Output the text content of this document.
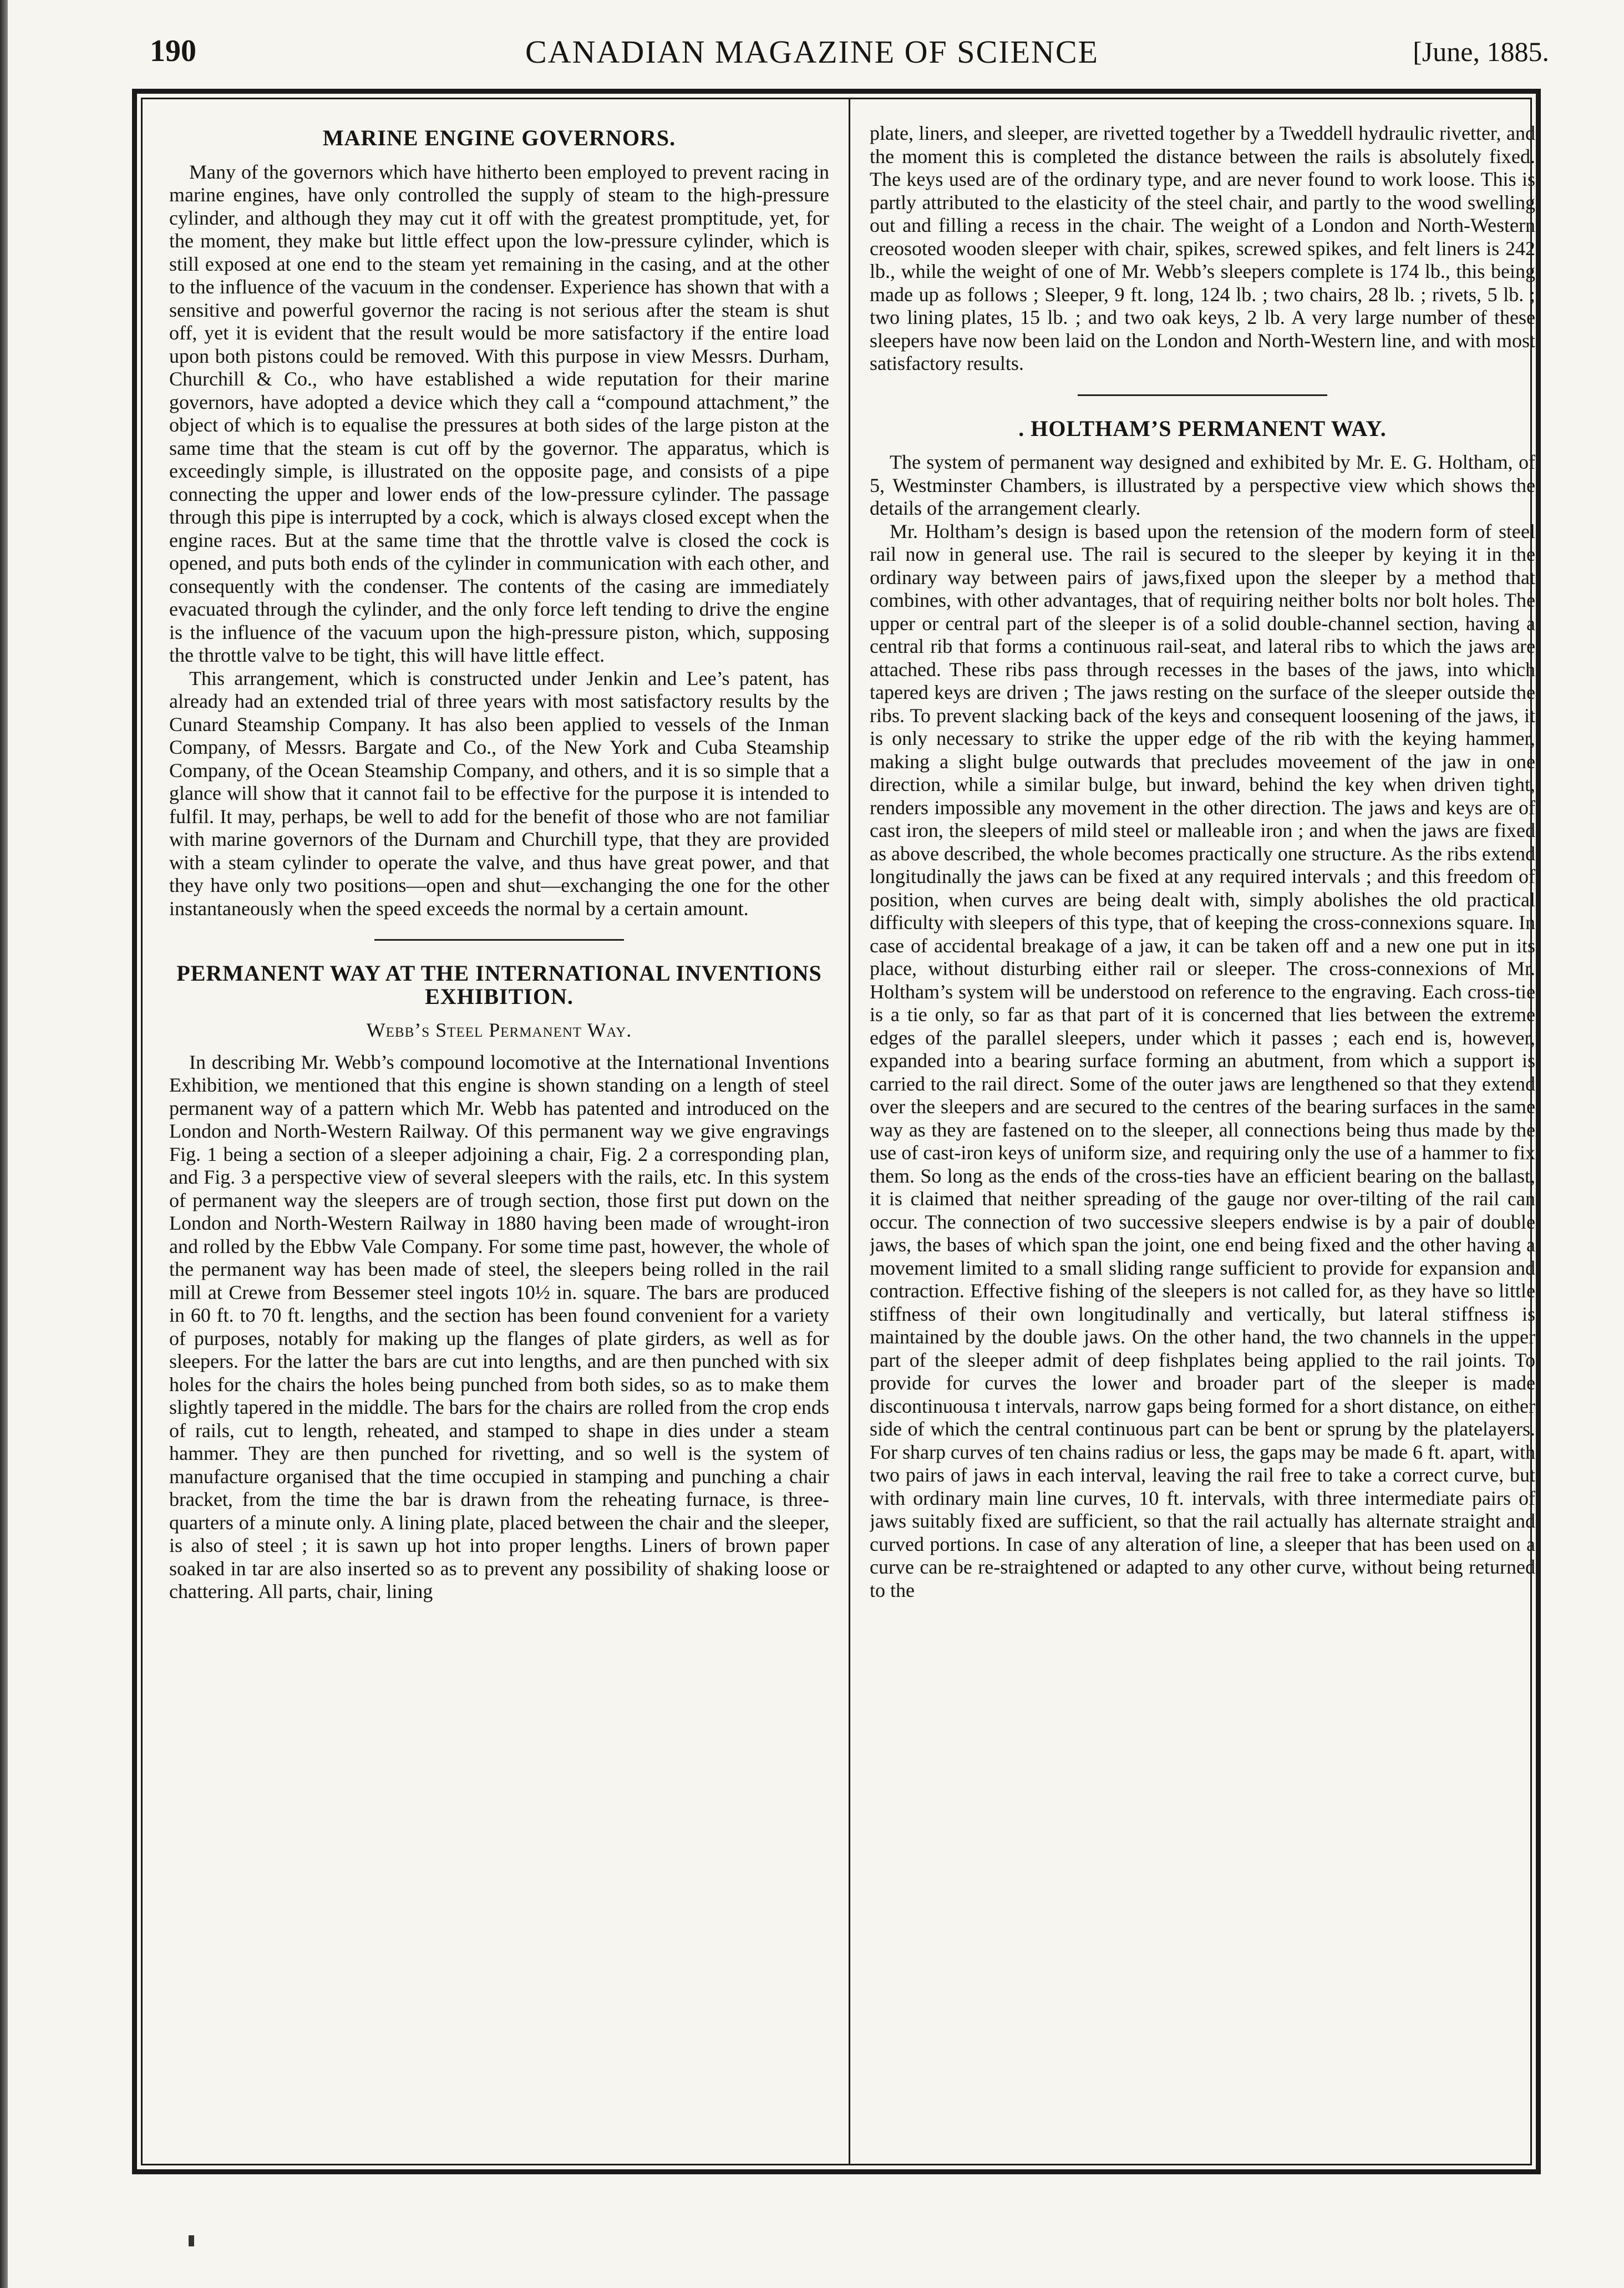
190	CANADIAN MAGAZINE OF SCIENCE	[June, 1885.
MARINE ENGINE GOVERNORS.

Many of the governors which have hitherto been employed to prevent racing in marine engines, have only controlled the supply of steam to the high-pressure cylinder, and although they may cut it off with the greatest promptitude, yet, for the moment, they make but little effect upon the low-pressure cylinder, which is still exposed at one end to the steam yet remaining in the casing, and at the other to the influence of the vacuum in the condenser. Experience has shown that with a sensitive and powerful governor the racing is not serious after the steam is shut off, yet it is evident that the result would be more satisfactory if the entire load upon both pistons could be removed. With this purpose in view Messrs. Durham, Churchill & Co., who have established a wide reputation for their marine governors, have adopted a device which they call a “compound attachment,” the object of which is to equalise the pressures at both sides of the large piston at the same time that the steam is cut off by the governor. The apparatus, which is exceedingly simple, is illustrated on the opposite page, and consists of a pipe connecting the upper and lower ends of the low-pressure cylinder. The passage through this pipe is interrupted by a cock, which is always closed except when the engine races. But at the same time that the throttle valve is closed the cock is opened, and puts both ends of the cylinder in communication with each other, and consequently with the condenser. The contents of the casing are immediately evacuated through the cylinder, and the only force left tending to drive the engine is the influence of the vacuum upon the high-pressure piston, which, supposing the throttle valve to be tight, this will have little effect.

This arrangement, which is constructed under Jenkin and Lee’s patent, has already had an extended trial of three years with most satisfactory results by the Cunard Steamship Company. It has also been applied to vessels of the Inman Company, of Messrs. Bargate and Co., of the New York and Cuba Steamship Company, of the Ocean Steamship Company, and others, and it is so simple that a glance will show that it cannot fail to be effective for the purpose it is intended to fulfil. It may, perhaps, be well to add for the benefit of those who are not familiar with marine governors of the Durnam and Churchill type, that they are provided with a steam cylinder to operate the valve, and thus have great power, and that they have only two positions—open and shut—exchanging the one for the other instantaneously when the speed exceeds the normal by a certain amount.

PERMANENT WAY AT THE INTERNATIONAL INVENTIONS EXHIBITION.
Webb’s Steel Permanent Way.

In describing Mr. Webb’s compound locomotive at the International Inventions Exhibition, we mentioned that this engine is shown standing on a length of steel permanent way of a pattern which Mr. Webb has patented and introduced on the London and North-Western Railway. Of this permanent way we give engravings Fig. 1 being a section of a sleeper adjoining a chair, Fig. 2 a corresponding plan, and Fig. 3 a perspective view of several sleepers with the rails, etc. In this system of permanent way the sleepers are of trough section, those first put down on the London and North-Western Railway in 1880 having been made of wrought-iron and rolled by the Ebbw Vale Company. For some time past, however, the whole of the permanent way has been made of steel, the sleepers being rolled in the rail mill at Crewe from Bessemer steel ingots 10½ in. square. The bars are produced in 60 ft. to 70 ft. lengths, and the section has been found convenient for a variety of purposes, notably for making up the flanges of plate girders, as well as for sleepers. For the latter the bars are cut into lengths, and are then punched with six holes for the chairs the holes being punched from both sides, so as to make them slightly tapered in the middle. The bars for the chairs are rolled from the crop ends of rails, cut to length, reheated, and stamped to shape in dies under a steam hammer. They are then punched for rivetting, and so well is the system of manufacture organised that the time occupied in stamping and punching a chair bracket, from the time the bar is drawn from the reheating furnace, is three-quarters of a minute only. A lining plate, placed between the chair and the sleeper, is also of steel ; it is sawn up hot into proper lengths. Liners of brown paper soaked in tar are also inserted so as to prevent any possibility of shaking loose or chattering. All parts, chair, lining

plate, liners, and sleeper, are rivetted together by a Tweddell hydraulic rivetter, and the moment this is completed the distance between the rails is absolutely fixed. The keys used are of the ordinary type, and are never found to work loose. This is partly attributed to the elasticity of the steel chair, and partly to the wood swelling out and filling a recess in the chair. The weight of a London and North-Western creosoted wooden sleeper with chair, spikes, screwed spikes, and felt liners is 242 lb., while the weight of one of Mr. Webb’s sleepers complete is 174 lb., this being made up as follows ; Sleeper, 9 ft. long, 124 lb. ; two chairs, 28 lb. ; rivets, 5 lb. ; two lining plates, 15 lb. ; and two oak keys, 2 lb. A very large number of these sleepers have now been laid on the London and North-Western line, and with most satisfactory results.

. HOLTHAM’S PERMANENT WAY.

The system of permanent way designed and exhibited by Mr. E. G. Holtham, of 5, Westminster Chambers, is illustrated by a perspective view which shows the details of the arrangement clearly.

Mr. Holtham’s design is based upon the retension of the modern form of steel rail now in general use. The rail is secured to the sleeper by keying it in the ordinary way between pairs of jaws,fixed upon the sleeper by a method that combines, with other advantages, that of requiring neither bolts nor bolt holes. The upper or central part of the sleeper is of a solid double-channel section, having a central rib that forms a continuous rail-seat, and lateral ribs to which the jaws are attached. These ribs pass through recesses in the bases of the jaws, into which tapered keys are driven ; The jaws resting on the surface of the sleeper outside the ribs. To prevent slacking back of the keys and consequent loosening of the jaws, it is only necessary to strike the upper edge of the rib with the keying hammer, making a slight bulge outwards that precludes moveement of the jaw in one direction, while a similar bulge, but inward, behind the key when driven tight, renders impossible any movement in the other direction. The jaws and keys are of cast iron, the sleepers of mild steel or malleable iron ; and when the jaws are fixed as above described, the whole becomes practically one structure. As the ribs extend longitudinally the jaws can be fixed at any required intervals ; and this freedom of position, when curves are being dealt with, simply abolishes the old practical difficulty with sleepers of this type, that of keeping the cross-connexions square. In case of accidental breakage of a jaw, it can be taken off and a new one put in its place, without disturbing either rail or sleeper. The cross-connexions of Mr. Holtham’s system will be understood on reference to the engraving. Each cross-tie is a tie only, so far as that part of it is concerned that lies between the extreme edges of the parallel sleepers, under which it passes ; each end is, however, expanded into a bearing surface forming an abutment, from which a support is carried to the rail direct. Some of the outer jaws are lengthened so that they extend over the sleepers and are secured to the centres of the bearing surfaces in the same way as they are fastened on to the sleeper, all connections being thus made by the use of cast-iron keys of uniform size, and requiring only the use of a hammer to fix them. So long as the ends of the cross-ties have an efficient bearing on the ballast, it is claimed that neither spreading of the gauge nor over-tilting of the rail can occur. The connection of two successive sleepers endwise is by a pair of double jaws, the bases of which span the joint, one end being fixed and the other having a movement limited to a small sliding range sufficient to provide for expansion and contraction. Effective fishing of the sleepers is not called for, as they have so little stiffness of their own longitudinally and vertically, but lateral stiffness is maintained by the double jaws. On the other hand, the two channels in the upper part of the sleeper admit of deep fishplates being applied to the rail joints. To provide for curves the lower and broader part of the sleeper is made discontinuousa t intervals, narrow gaps being formed for a short distance, on either side of which the central continuous part can be bent or sprung by the platelayers. For sharp curves of ten chains radius or less, the gaps may be made 6 ft. apart, with two pairs of jaws in each interval, leaving the rail free to take a correct curve, but with ordinary main line curves, 10 ft. intervals, with three intermediate pairs of jaws suitably fixed are sufficient, so that the rail actually has alternate straight and curved portions. In case of any alteration of line, a sleeper that has been used on a curve can be re-straightened or adapted to any other curve, without being returned to the
